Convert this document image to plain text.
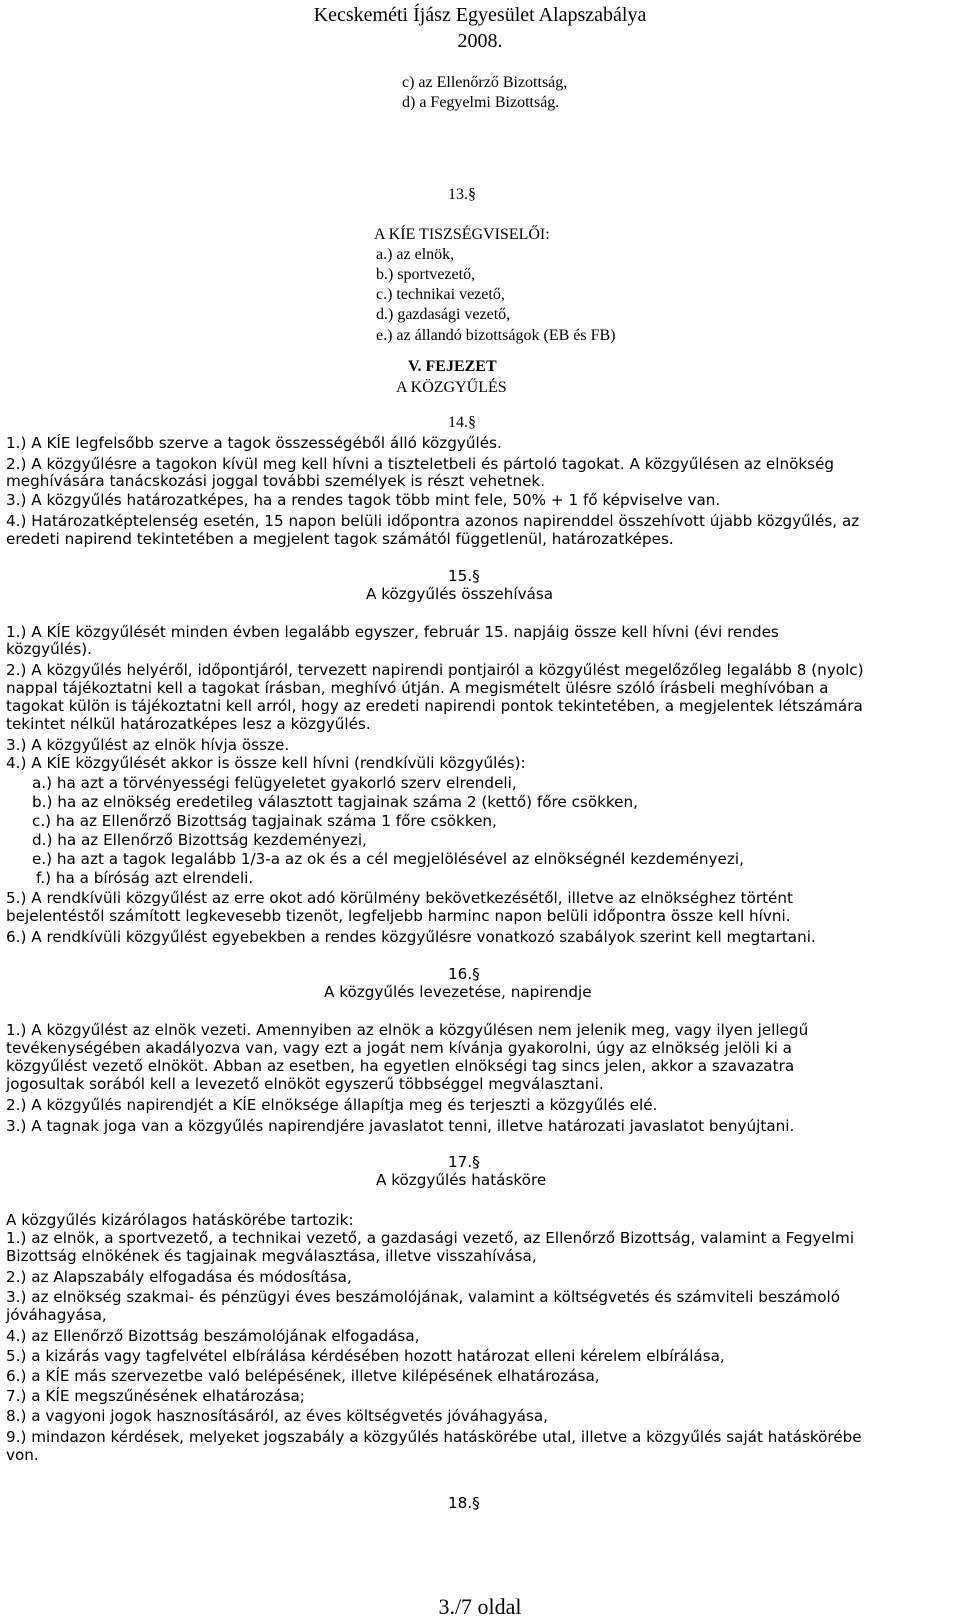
Kecskeméti Íjász Egyesület Alapszabálya
2008.
c) az Ellenőrző Bizottság,
d) a Fegyelmi Bizottság.
13.§
A KÍE TISZSÉGVISELŐI:
a.) az elnök,
b.) sportvezető,
c.) technikai vezető,
d.) gazdasági vezető,
e.) az állandó bizottságok (EB és FB)
V. FEJEZET
A KÖZGYŰLÉS
14.§
1.) A KÍE legfelsőbb szerve a tagok összességéből álló közgyűlés.
2.) A közgyűlésre a tagokon kívül meg kell hívni a tiszteletbeli és pártoló tagokat. A közgyűlésen az elnökség
meghívására tanácskozási joggal további személyek is részt vehetnek.
3.) A közgyűlés határozatképes, ha a rendes tagok több mint fele, 50% + 1 fő képviselve van.
4.) Határozatképtelenség esetén, 15 napon belüli időpontra azonos napirenddel összehívott újabb közgyűlés, az
eredeti napirend tekintetében a megjelent tagok számától függetlenül, határozatképes.
15.§
A közgyűlés összehívása
1.) A KÍE közgyűlését minden évben legalább egyszer, február 15. napjáig össze kell hívni (évi rendes
közgyűlés).
2.) A közgyűlés helyéről, időpontjáról, tervezett napirendi pontjairól a közgyűlést megelőzőleg legalább 8 (nyolc)
nappal tájékoztatni kell a tagokat írásban, meghívó útján. A megismételt ülésre szóló írásbeli meghívóban a
tagokat külön is tájékoztatni kell arról, hogy az eredeti napirendi pontok tekintetében, a megjelentek létszámára
tekintet nélkül határozatképes lesz a közgyűlés.
3.) A közgyűlést az elnök hívja össze.
4.) A KÍE közgyűlését akkor is össze kell hívni (rendkívüli közgyűlés):
a.) ha azt a törvényességi felügyeletet gyakorló szerv elrendeli,
b.) ha az elnökség eredetileg választott tagjainak száma 2 (kettő) főre csökken,
c.) ha az Ellenőrző Bizottság tagjainak száma 1 főre csökken,
d.) ha az Ellenőrző Bizottság kezdeményezi,
e.) ha azt a tagok legalább 1/3-a az ok és a cél megjelölésével az elnökségnél kezdeményezi,
f.) ha a bíróság azt elrendeli.
5.) A rendkívüli közgyűlést az erre okot adó körülmény bekövetkezésétől, illetve az elnökséghez történt
bejelentéstől számított legkevesebb tizenöt, legfeljebb harminc napon belüli időpontra össze kell hívni.
6.) A rendkívüli közgyűlést egyebekben a rendes közgyűlésre vonatkozó szabályok szerint kell megtartani.
16.§
A közgyűlés levezetése, napirendje
1.) A közgyűlést az elnök vezeti. Amennyiben az elnök a közgyűlésen nem jelenik meg, vagy ilyen jellegű
tevékenységében akadályozva van, vagy ezt a jogát nem kívánja gyakorolni, úgy az elnökség jelöli ki a
közgyűlést vezető elnököt. Abban az esetben, ha egyetlen elnökségi tag sincs jelen, akkor a szavazatra
jogosultak sorából kell a levezető elnököt egyszerű többséggel megválasztani.
2.) A közgyűlés napirendjét a KÍE elnöksége állapítja meg és terjeszti a közgyűlés elé.
3.) A tagnak joga van a közgyűlés napirendjére javaslatot tenni, illetve határozati javaslatot benyújtani.
17.§
A közgyűlés hatásköre
A közgyűlés kizárólagos hatáskörébe tartozik:
1.) az elnök, a sportvezető, a technikai vezető, a gazdasági vezető, az Ellenőrző Bizottság, valamint a Fegyelmi
Bizottság elnökének és tagjainak megválasztása, illetve visszahívása,
2.) az Alapszabály elfogadása és módosítása,
3.) az elnökség szakmai- és pénzügyi éves beszámolójának, valamint a költségvetés és számviteli beszámoló
jóváhagyása,
4.) az Ellenőrző Bizottság beszámolójának elfogadása,
5.) a kizárás vagy tagfelvétel elbírálása kérdésében hozott határozat elleni kérelem elbírálása,
6.) a KÍE más szervezetbe való belépésének, illetve kilépésének elhatározása,
7.) a KÍE megszűnésének elhatározása;
8.) a vagyoni jogok hasznosításáról, az éves költségvetés jóváhagyása,
9.) mindazon kérdések, melyeket jogszabály a közgyűlés hatáskörébe utal, illetve a közgyűlés saját hatáskörébe
von.
18.§
3./7 oldal
